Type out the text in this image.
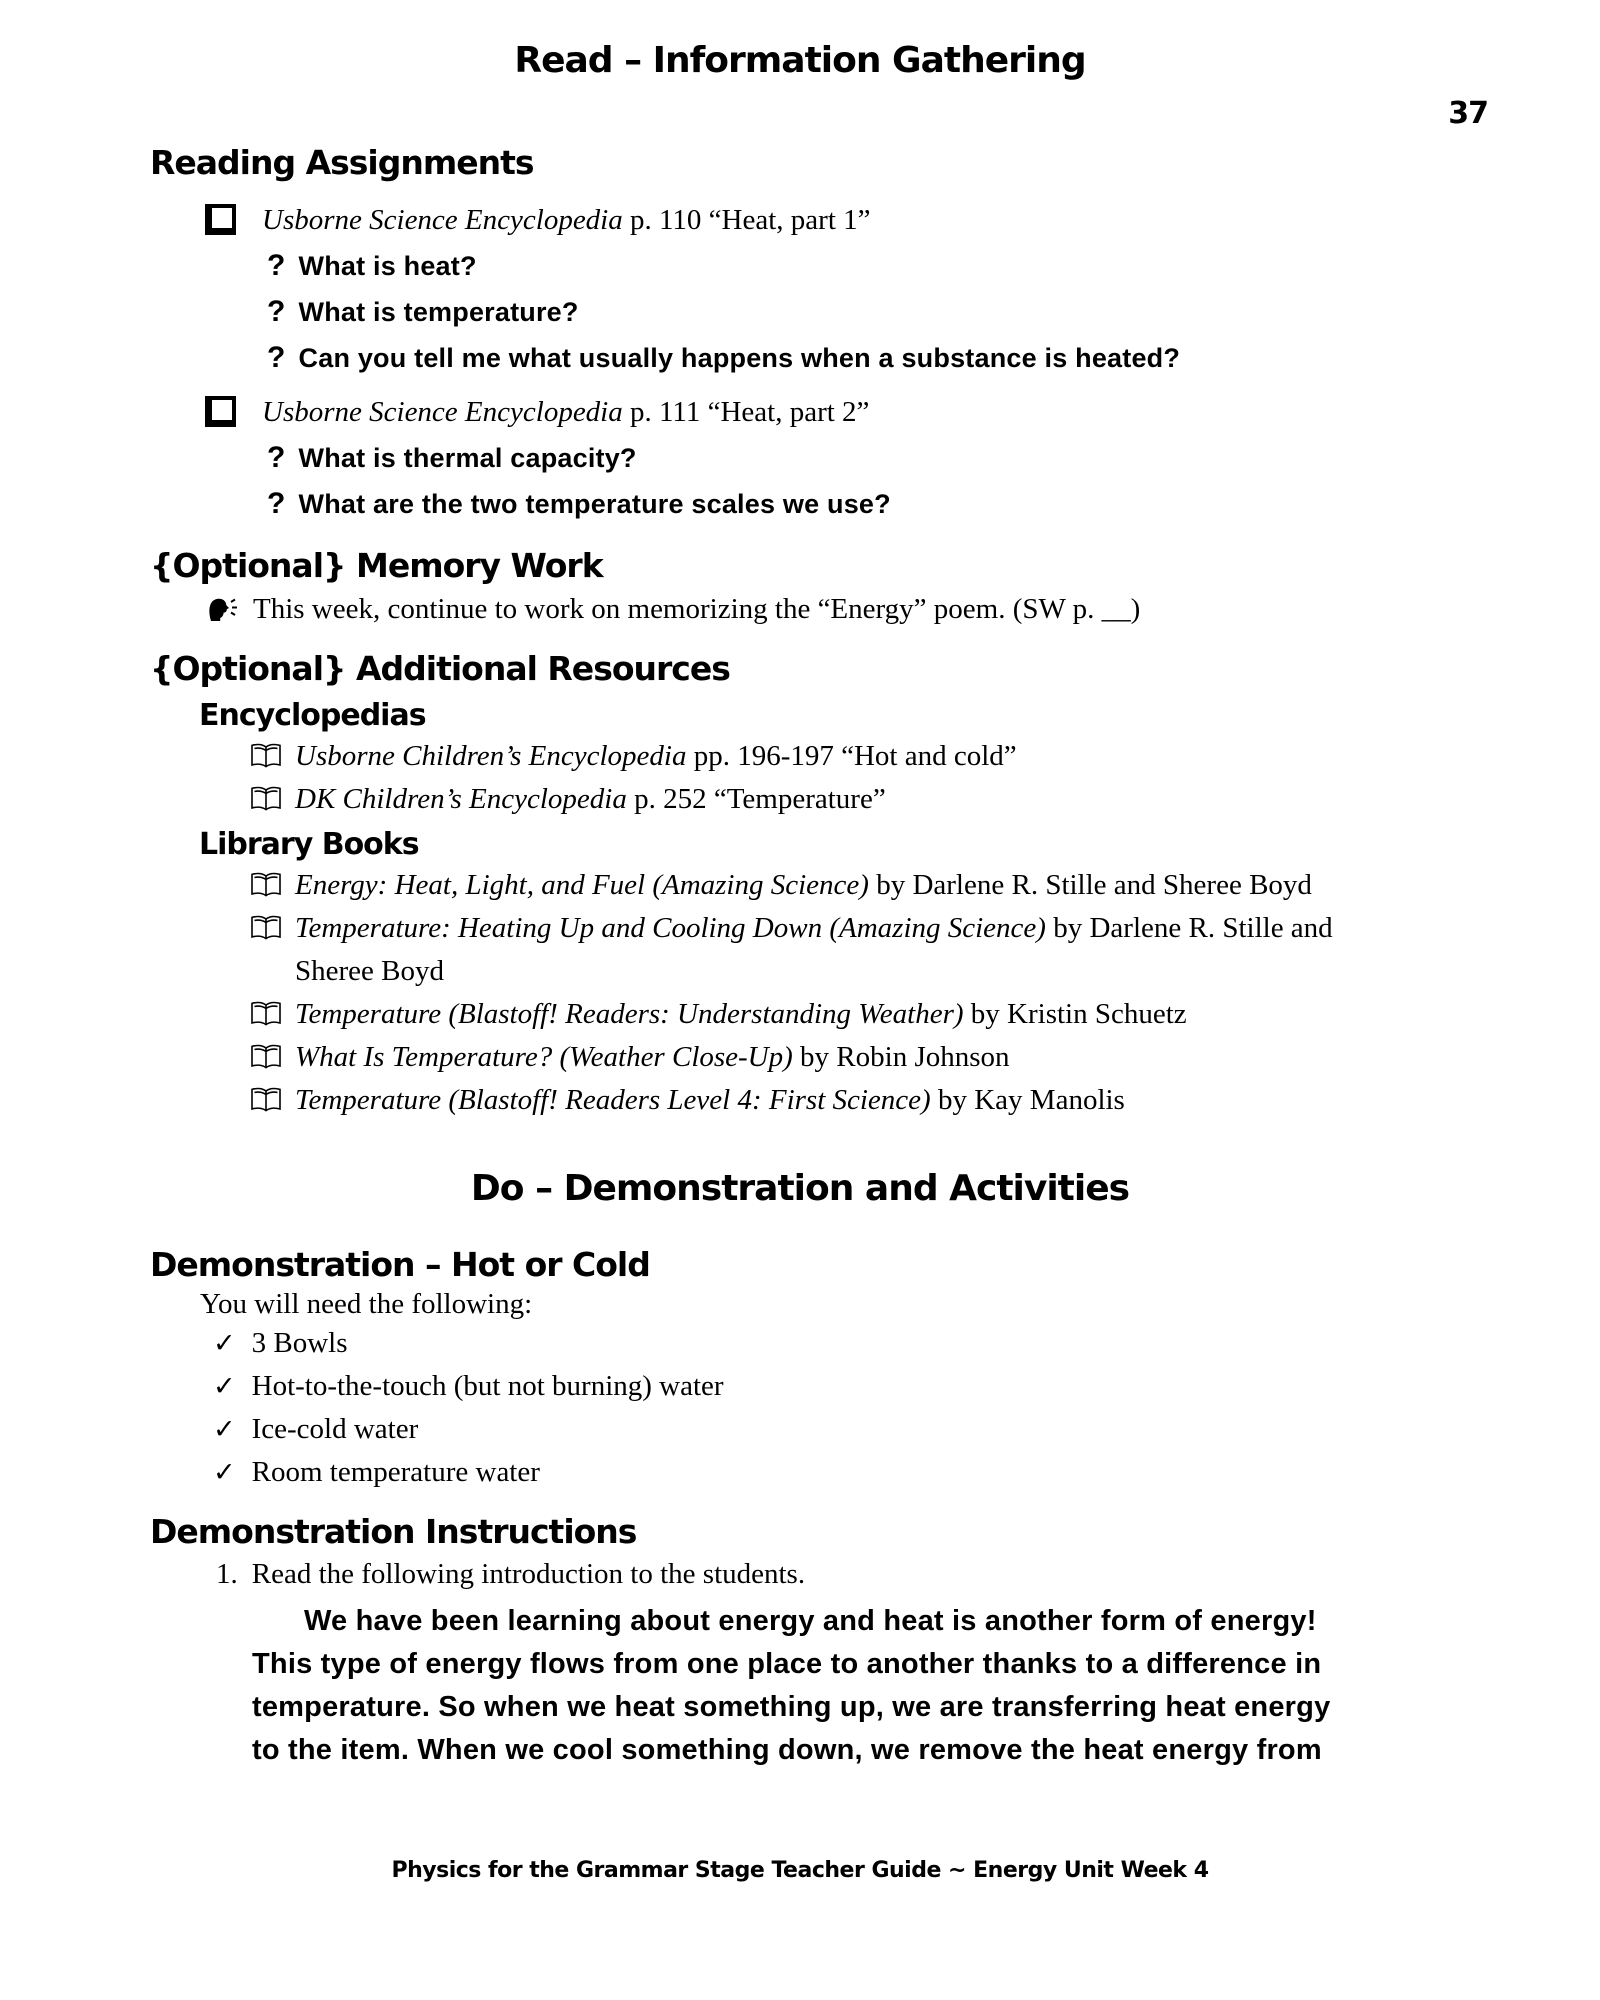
37
Read – Information Gathering
Reading Assignments
Usborne Science Encyclopedia p. 110 “Heat, part 1”
? What is heat?
? What is temperature?
? Can you tell me what usually happens when a substance is heated?
Usborne Science Encyclopedia p. 111 “Heat, part 2”
? What is thermal capacity?
? What are the two temperature scales we use?
{Optional} Memory Work
This week, continue to work on memorizing the “Energy” poem. (SW p. __)
{Optional} Additional Resources
Encyclopedias
Usborne Children’s Encyclopedia pp. 196-197 “Hot and cold”
DK Children’s Encyclopedia p. 252 “Temperature”
Library Books
Energy: Heat, Light, and Fuel (Amazing Science) by Darlene R. Stille and Sheree Boyd
Temperature: Heating Up and Cooling Down (Amazing Science) by Darlene R. Stille and
Sheree Boyd
Temperature (Blastoff! Readers: Understanding Weather) by Kristin Schuetz
What Is Temperature? (Weather Close-Up) by Robin Johnson
Temperature (Blastoff! Readers Level 4: First Science) by Kay Manolis
Do – Demonstration and Activities
Demonstration – Hot or Cold
You will need the following:
✓ 3 Bowls
✓ Hot-to-the-touch (but not burning) water
✓ Ice-cold water
✓ Room temperature water
Demonstration Instructions
1. Read the following introduction to the students.
We have been learning about energy and heat is another form of energy!
This type of energy flows from one place to another thanks to a difference in
temperature. So when we heat something up, we are transferring heat energy
to the item. When we cool something down, we remove the heat energy from
Physics for the Grammar Stage Teacher Guide ~ Energy Unit Week 4
